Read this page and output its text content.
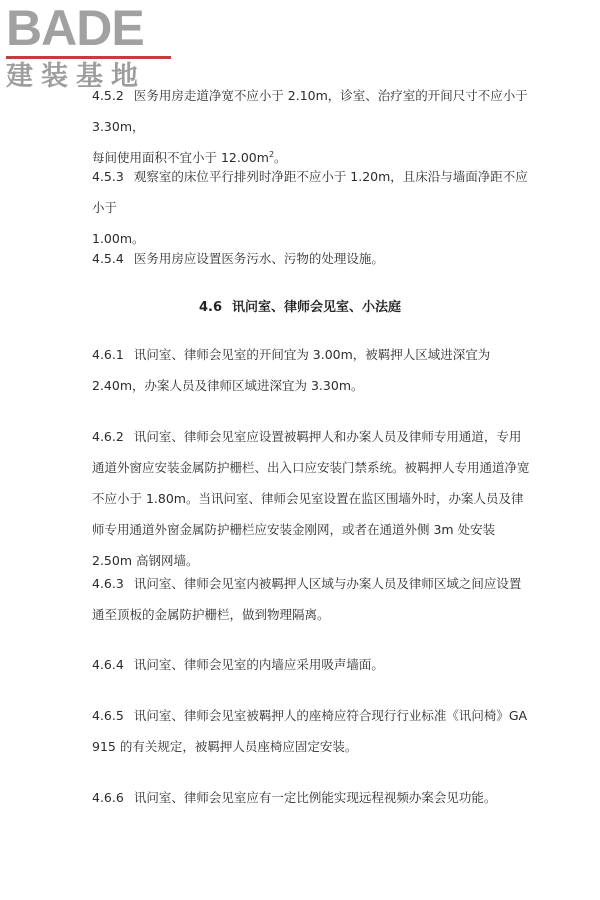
BADE
建装基地

4.5.2 医务用房走道净宽不应小于 2.10m，诊室、治疗室的开间尺寸不应小于 3.30m，
每间使用面积不宜小于 $12.00m^2$。

4.5.3 观察室的床位平行排列时净距不应小于 1.20m，且床沿与墙面净距不应小于
1.00m。

4.5.4 医务用房应设置医务污水、污物的处理设施。

4.6 讯问室、律师会见室、小法庭

4.6.1 讯问室、律师会见室的开间宜为 3.00m，被羁押人区域进深宜为 2.40m，办案人员及律师区域进深宜为 3.30m。

4.6.2 讯问室、律师会见室应设置被羁押人和办案人员及律师专用通道，专用通道外窗应安装金属防护栅栏、出入口应安装门禁系统。被羁押人专用通道净宽不应小于 1.80m。当讯问室、律师会见室设置在监区围墙外时，办案人员及律师专用通道外窗金属防护栅栏应安装金刚网，或者在通道外侧 3m 处安装 2.50m 高钢网墙。

4.6.3 讯问室、律师会见室内被羁押人区域与办案人员及律师区域之间应设置通至顶板的金属防护栅栏，做到物理隔离。

4.6.4 讯问室、律师会见室的内墙应采用吸声墙面。

4.6.5 讯问室、律师会见室被羁押人的座椅应符合现行行业标准《讯问椅》GA 915 的有关规定，被羁押人员座椅应固定安装。

4.6.6 讯问室、律师会见室应有一定比例能实现远程视频办案会见功能。
